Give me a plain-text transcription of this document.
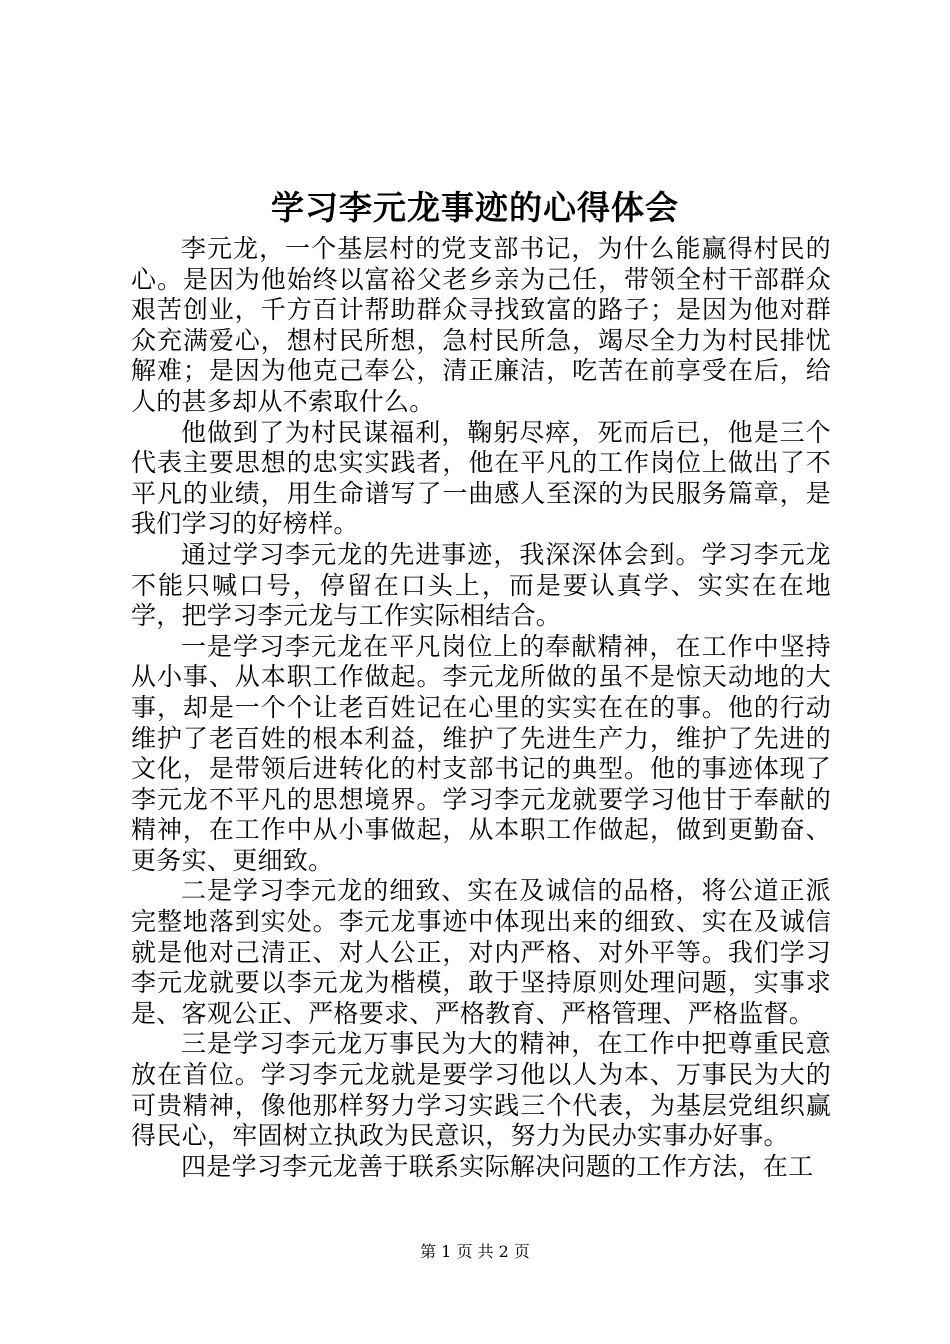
学习李元龙事迹的心得体会

李元龙，一个基层村的党支部书记，为什么能赢得村民的心。是因为他始终以富裕父老乡亲为己任，带领全村干部群众艰苦创业，千方百计帮助群众寻找致富的路子；是因为他对群众充满爱心，想村民所想，急村民所急，竭尽全力为村民排忧解难；是因为他克己奉公，清正廉洁，吃苦在前享受在后，给人的甚多却从不索取什么。

他做到了为村民谋福利，鞠躬尽瘁，死而后已，他是三个代表主要思想的忠实实践者，他在平凡的工作岗位上做出了不平凡的业绩，用生命谱写了一曲感人至深的为民服务篇章，是我们学习的好榜样。

通过学习李元龙的先进事迹，我深深体会到。学习李元龙不能只喊口号，停留在口头上，而是要认真学、实实在在地学，把学习李元龙与工作实际相结合。

一是学习李元龙在平凡岗位上的奉献精神，在工作中坚持从小事、从本职工作做起。李元龙所做的虽不是惊天动地的大事，却是一个个让老百姓记在心里的实实在在的事。他的行动维护了老百姓的根本利益，维护了先进生产力，维护了先进的文化，是带领后进转化的村支部书记的典型。他的事迹体现了李元龙不平凡的思想境界。学习李元龙就要学习他甘于奉献的精神，在工作中从小事做起，从本职工作做起，做到更勤奋、更务实、更细致。

二是学习李元龙的细致、实在及诚信的品格，将公道正派完整地落到实处。李元龙事迹中体现出来的细致、实在及诚信就是他对己清正、对人公正，对内严格、对外平等。我们学习李元龙就要以李元龙为楷模，敢于坚持原则处理问题，实事求是、客观公正、严格要求、严格教育、严格管理、严格监督。

三是学习李元龙万事民为大的精神，在工作中把尊重民意放在首位。学习李元龙就是要学习他以人为本、万事民为大的可贵精神，像他那样努力学习实践三个代表，为基层党组织赢得民心，牢固树立执政为民意识，努力为民办实事办好事。

四是学习李元龙善于联系实际解决问题的工作方法，在工

第 1 页 共 2 页
